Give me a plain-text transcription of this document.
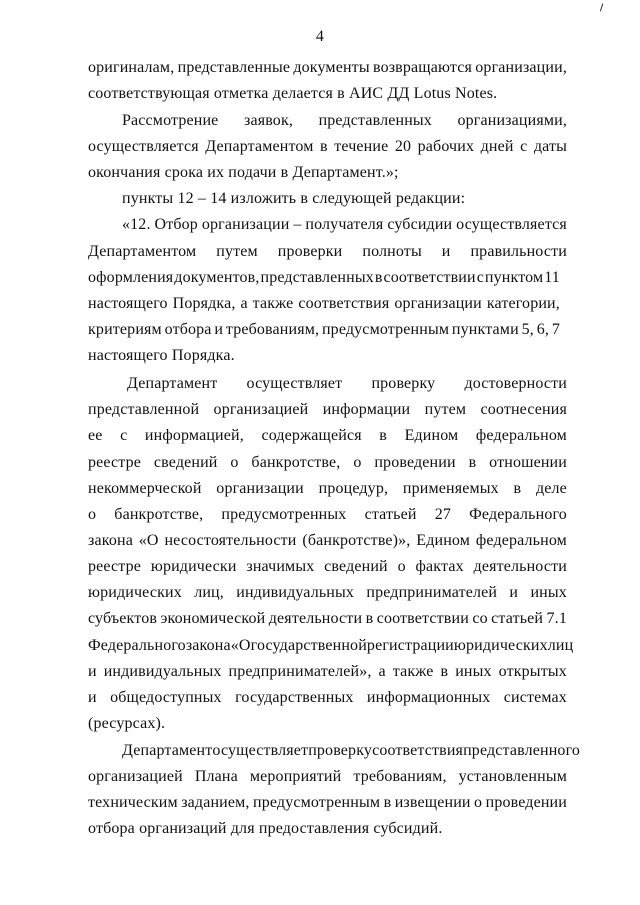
4
оригиналам, представленные документы возвращаются организации,
соответствующая отметка делается в АИС ДД Lotus Notes.
Рассмотрение заявок, представленных организациями,
осуществляется Департаментом в течение 20 рабочих дней с даты
окончания срока их подачи в Департамент.»;
пункты 12 – 14 изложить в следующей редакции:
«12. Отбор организации – получателя субсидии осуществляется
Департаментом путем проверки полноты и правильности
оформления документов, представленных в соответствии с пунктом 11
настоящего Порядка, а также соответствия организации категории,
критериям отбора и требованиям, предусмотренным пунктами 5, 6, 7
настоящего Порядка.
Департамент осуществляет проверку достоверности
представленной организацией информации путем соотнесения
ее с информацией, содержащейся в Едином федеральном
реестре сведений о банкротстве, о проведении в отношении
некоммерческой организации процедур, применяемых в деле
о банкротстве, предусмотренных статьей 27 Федерального
закона «О несостоятельности (банкротстве)», Едином федеральном
реестре юридически значимых сведений о фактах деятельности
юридических лиц, индивидуальных предпринимателей и иных
субъектов экономической деятельности в соответствии со статьей 7.1
Федерального закона «О государственной регистрации юридических лиц
и индивидуальных предпринимателей», а также в иных открытых
и общедоступных государственных информационных системах
(ресурсах).
Департамент осуществляет проверку соответствия представленного
организацией Плана мероприятий требованиям, установленным
техническим заданием, предусмотренным в извещении о проведении
отбора организаций для предоставления субсидий.
